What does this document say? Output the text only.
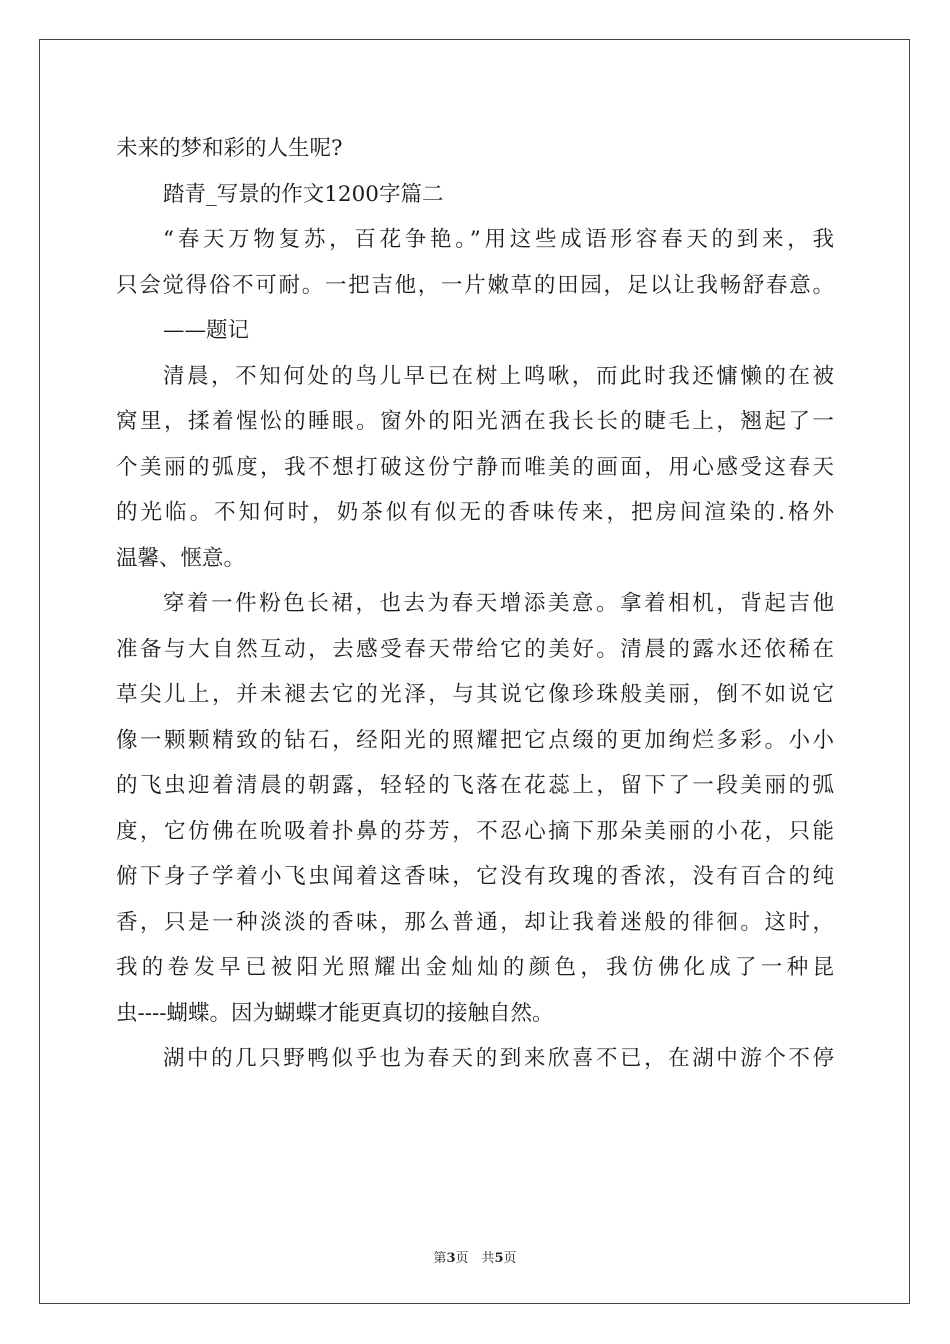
未来的梦和彩的人生呢?
踏青_写景的作文1200字篇二
“春天万物复苏，百花争艳。”用这些成语形容春天的到来，我
只会觉得俗不可耐。一把吉他，一片嫩草的田园，足以让我畅舒春意。
——题记
清晨，不知何处的鸟儿早已在树上鸣啾，而此时我还慵懒的在被
窝里，揉着惺忪的睡眼。窗外的阳光洒在我长长的睫毛上，翘起了一
个美丽的弧度，我不想打破这份宁静而唯美的画面，用心感受这春天
的光临。不知何时，奶茶似有似无的香味传来，把房间渲染的.格外
温馨、惬意。
穿着一件粉色长裙，也去为春天增添美意。拿着相机，背起吉他
准备与大自然互动，去感受春天带给它的美好。清晨的露水还依稀在
草尖儿上，并未褪去它的光泽，与其说它像珍珠般美丽，倒不如说它
像一颗颗精致的钻石，经阳光的照耀把它点缀的更加绚烂多彩。小小
的飞虫迎着清晨的朝露，轻轻的飞落在花蕊上，留下了一段美丽的弧
度，它仿佛在吮吸着扑鼻的芬芳，不忍心摘下那朵美丽的小花，只能
俯下身子学着小飞虫闻着这香味，它没有玫瑰的香浓，没有百合的纯
香，只是一种淡淡的香味，那么普通，却让我着迷般的徘徊。这时，
我的卷发早已被阳光照耀出金灿灿的颜色，我仿佛化成了一种昆
虫----蝴蝶。因为蝴蝶才能更真切的接触自然。
湖中的几只野鸭似乎也为春天的到来欣喜不已，在湖中游个不停
第3页　共5页
